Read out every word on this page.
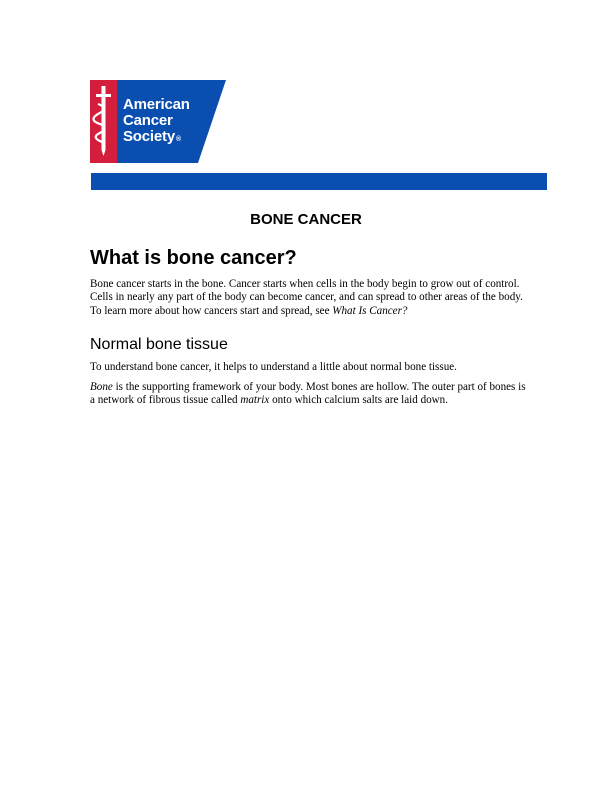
American
Cancer
Society®
BONE CANCER
What is bone cancer?

Bone cancer starts in the bone. Cancer starts when cells in the body begin to grow out of control. Cells in nearly any part of the body can become cancer, and can spread to other areas of the body. To learn more about how cancers start and spread, see What Is Cancer?

Normal bone tissue

To understand bone cancer, it helps to understand a little about normal bone tissue.

Bone is the supporting framework of your body. Most bones are hollow. The outer part of bones is a network of fibrous tissue called matrix onto which calcium salts are laid down.
